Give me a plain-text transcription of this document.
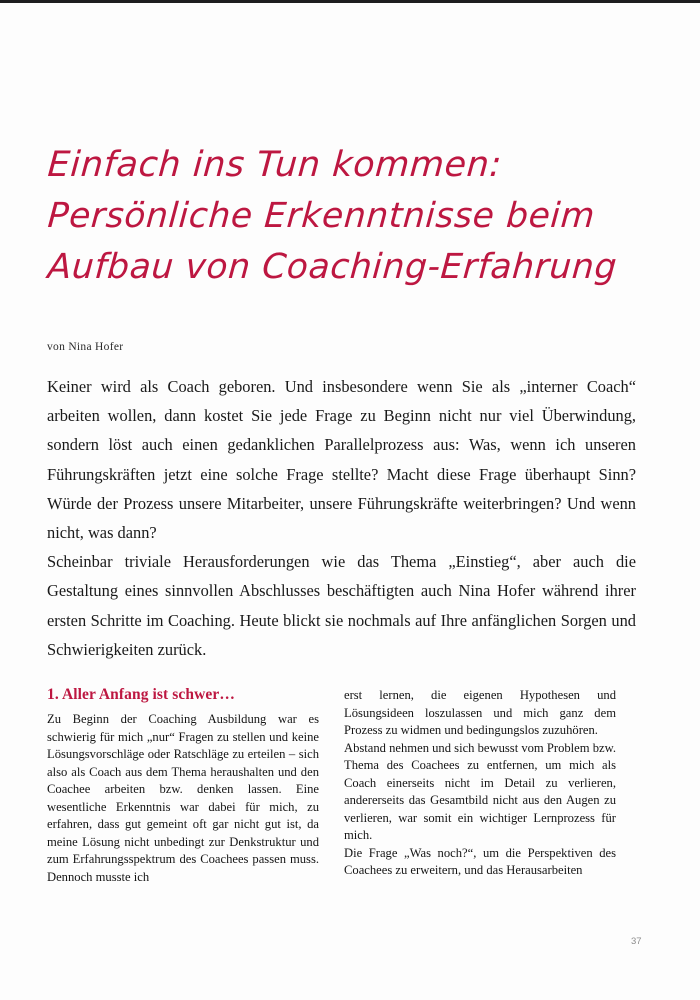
Einfach ins Tun kommen:
Persönliche Erkenntnisse beim
Aufbau von Coaching-Erfahrung
von Nina Hofer

Keiner wird als Coach geboren. Und insbesondere wenn Sie als „interner Coach“ arbeiten wollen, dann kostet Sie jede Frage zu Beginn nicht nur viel Überwindung, sondern löst auch einen gedanklichen Parallelprozess aus: Was, wenn ich unseren Führungskräften jetzt eine solche Frage stellte? Macht diese Frage überhaupt Sinn? Würde der Prozess unsere Mitarbeiter, unsere Führungskräfte weiterbringen? Und wenn nicht, was dann?

Scheinbar triviale Herausforderungen wie das Thema „Einstieg“, aber auch die Gestaltung eines sinnvollen Abschlusses beschäftigten auch Nina Hofer während ihrer ersten Schritte im Coaching. Heute blickt sie nochmals auf Ihre anfänglichen Sorgen und Schwierigkeiten zurück.

1. Aller Anfang ist schwer…

Zu Beginn der Coaching Ausbildung war es schwierig für mich „nur“ Fragen zu stellen und keine Lösungsvorschläge oder Ratschläge zu erteilen – sich also als Coach aus dem Thema heraushalten und den Coachee arbeiten bzw. denken lassen. Eine wesentliche Erkenntnis war dabei für mich, zu erfahren, dass gut gemeint oft gar nicht gut ist, da meine Lösung nicht unbedingt zur Denkstruktur und zum Erfahrungsspektrum des Coachees passen muss. Dennoch musste ich

erst lernen, die eigenen Hypothesen und Lösungsideen loszulassen und mich ganz dem Prozess zu widmen und bedingungslos zuzuhören.

Abstand nehmen und sich bewusst vom Problem bzw. Thema des Coachees zu entfernen, um mich als Coach einerseits nicht im Detail zu verlieren, andererseits das Gesamtbild nicht aus den Augen zu verlieren, war somit ein wichtiger Lernprozess für mich.

Die Frage „Was noch?“, um die Perspektiven des Coachees zu erweitern, und das Herausarbeiten

37
